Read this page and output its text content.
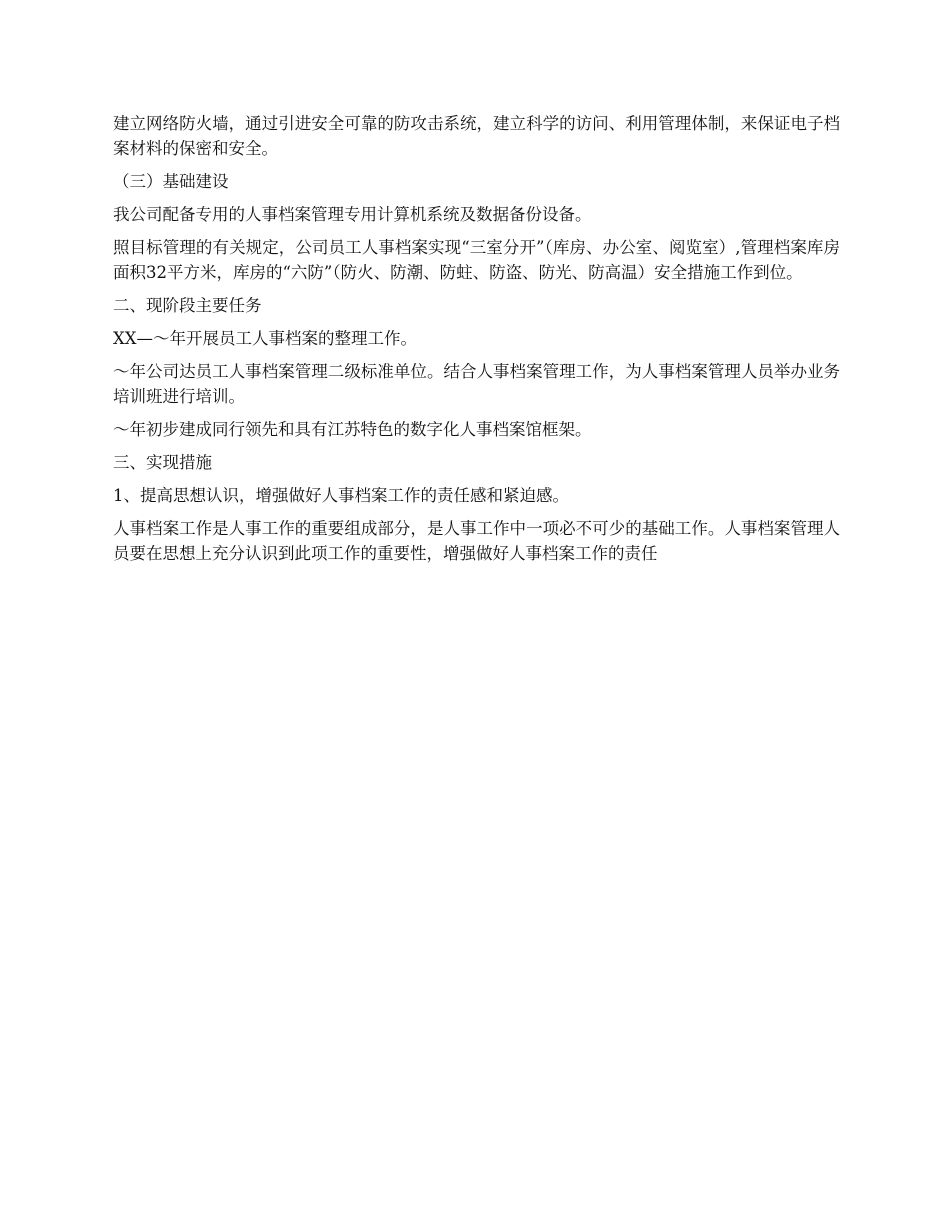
建立网络防火墙，通过引进安全可靠的防攻击系统，建立科学的访问、利用管理体制，来保证电子档案材料的保密和安全。

（三）基础建设

我公司配备专用的人事档案管理专用计算机系统及数据备份设备。

照目标管理的有关规定，公司员工人事档案实现“三室分开”（库房、办公室、阅览室）,管理档案库房面积32平方米，库房的“六防”（防火、防潮、防蛀、防盗、防光、防高温）安全措施工作到位。

二、现阶段主要任务

XX—～年开展员工人事档案的整理工作。

～年公司达员工人事档案管理二级标准单位。结合人事档案管理工作，为人事档案管理人员举办业务培训班进行培训。

～年初步建成同行领先和具有江苏特色的数字化人事档案馆框架。

三、实现措施

1、提高思想认识，增强做好人事档案工作的责任感和紧迫感。

人事档案工作是人事工作的重要组成部分，是人事工作中一项必不可少的基础工作。人事档案管理人员要在思想上充分认识到此项工作的重要性，增强做好人事档案工作的责任
